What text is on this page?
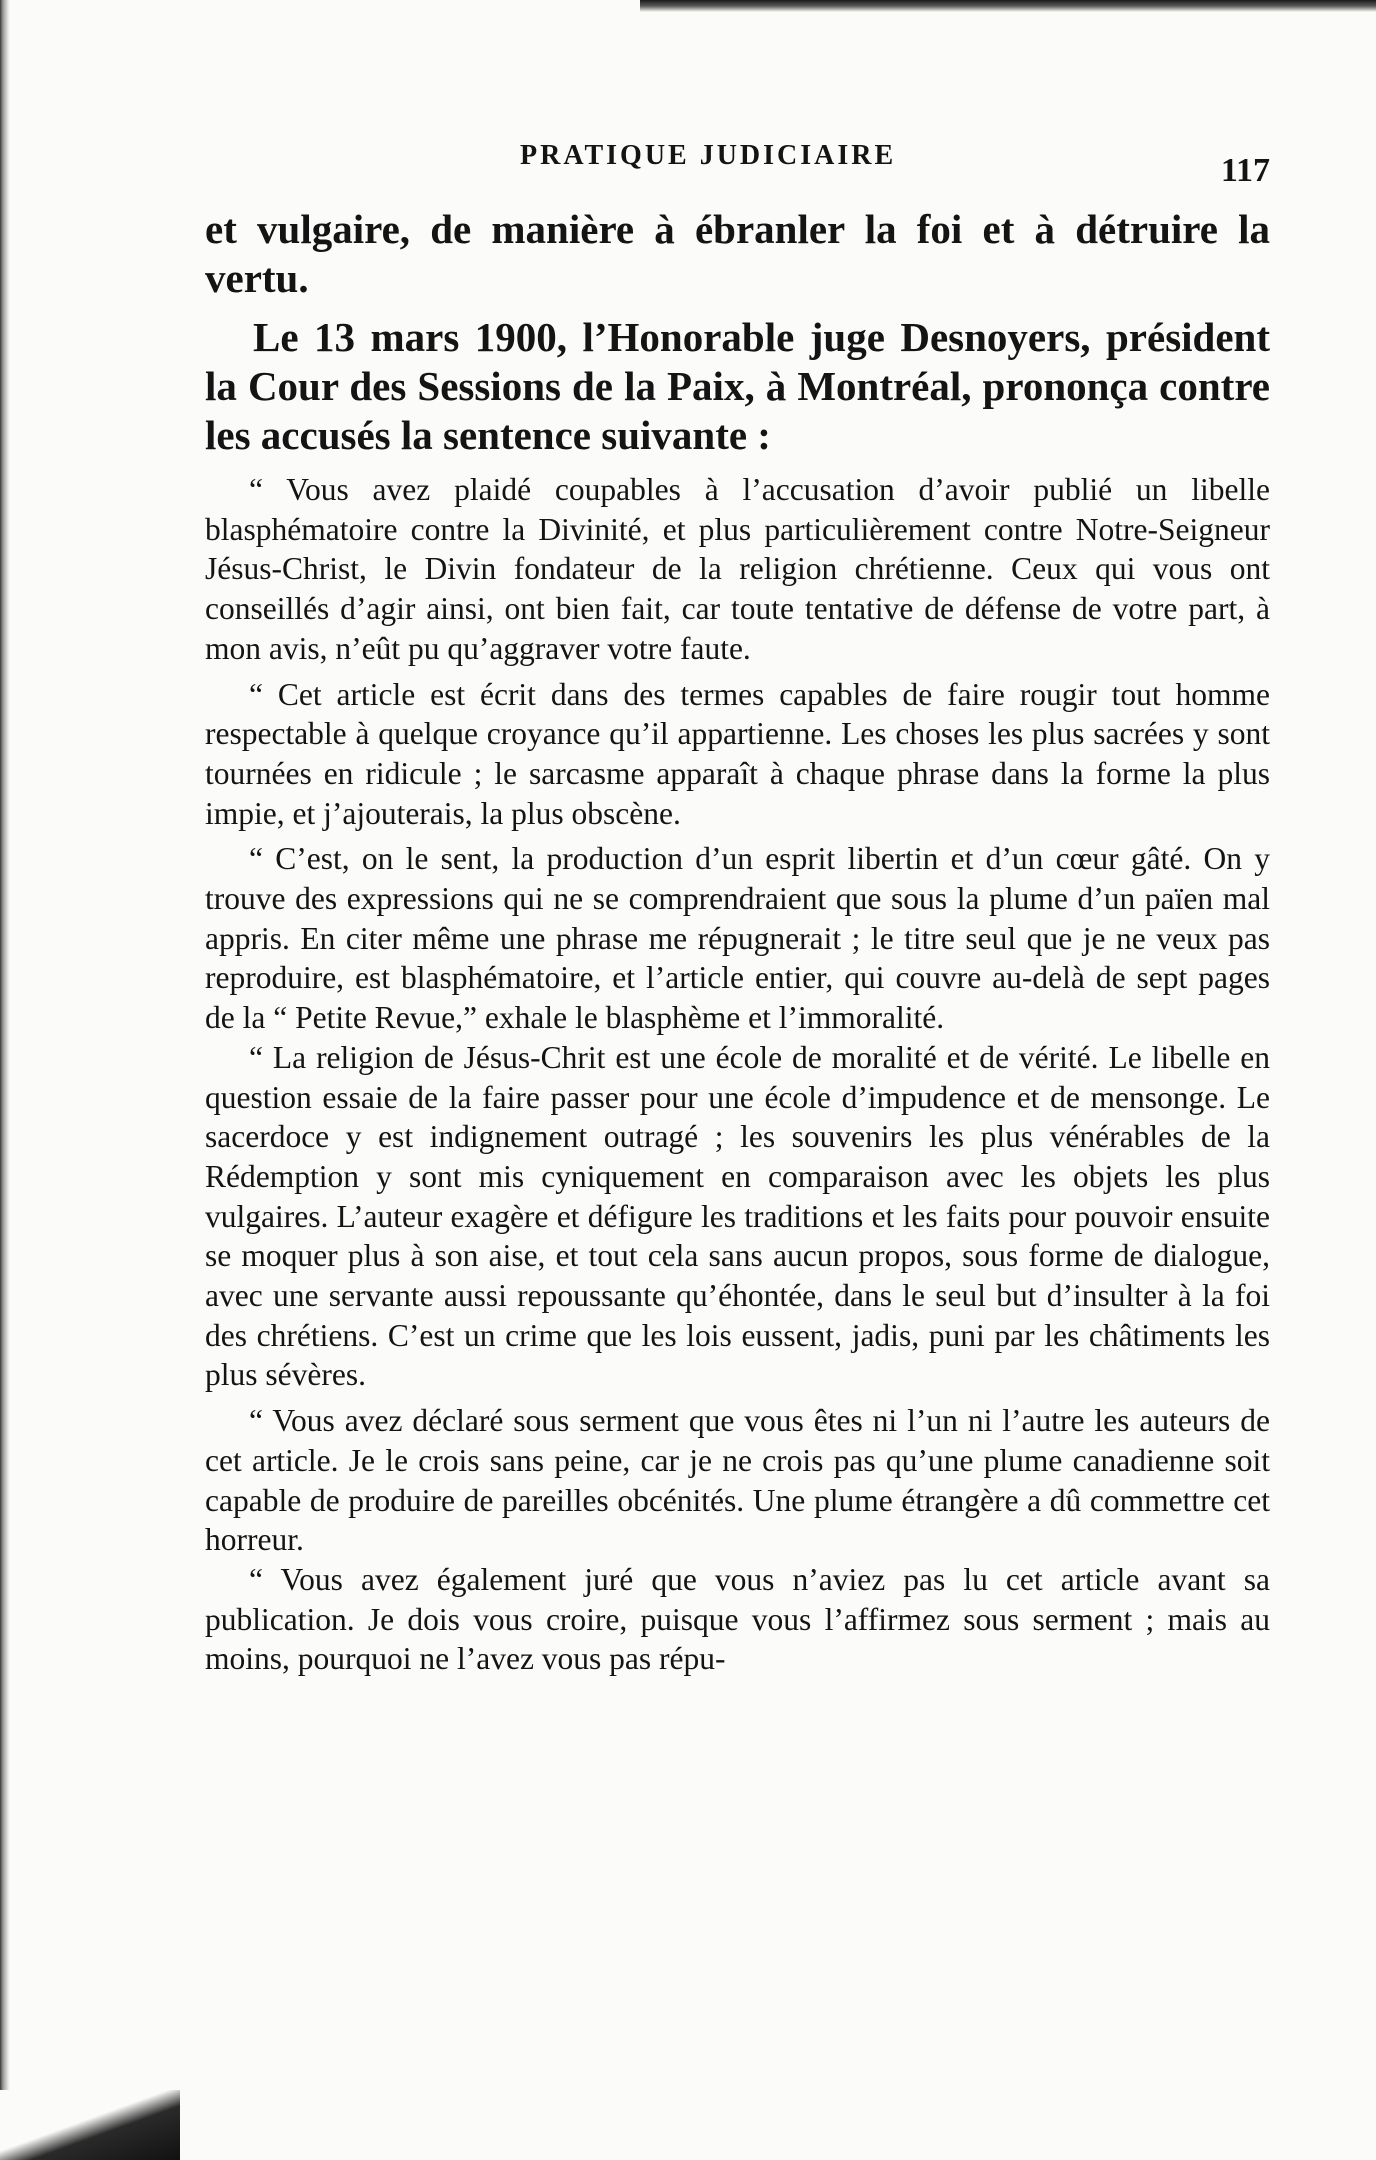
PRATIQUE JUDICIAIRE	117

et vulgaire, de manière à ébranler la foi et à détruire la vertu.

Le 13 mars 1900, l’Honorable juge Desnoyers, président la Cour des Sessions de la Paix, à Montréal, prononça contre les accusés la sentence suivante :

“ Vous avez plaidé coupables à l’accusation d’avoir publié un libelle blasphématoire contre la Divinité, et plus particulièrement contre Notre-Seigneur Jésus-Christ, le Divin fondateur de la religion chrétienne. Ceux qui vous ont conseillés d’agir ainsi, ont bien fait, car toute tentative de défense de votre part, à mon avis, n’eût pu qu’aggraver votre faute.

“ Cet article est écrit dans des termes capables de faire rougir tout homme respectable à quelque croyance qu’il appartienne. Les choses les plus sacrées y sont tournées en ridicule ; le sarcasme apparaît à chaque phrase dans la forme la plus impie, et j’ajouterais, la plus obscène.

“ C’est, on le sent, la production d’un esprit libertin et d’un cœur gâté. On y trouve des expressions qui ne se comprendraient que sous la plume d’un païen mal appris. En citer même une phrase me répugnerait ; le titre seul que je ne veux pas reproduire, est blasphématoire, et l’article entier, qui couvre au-delà de sept pages de la “ Petite Revue,” exhale le blasphème et l’immoralité.

“ La religion de Jésus-Chrit est une école de moralité et de vérité. Le libelle en question essaie de la faire passer pour une école d’impudence et de mensonge. Le sacerdoce y est indignement outragé ; les souvenirs les plus vénérables de la Rédemption y sont mis cyniquement en comparaison avec les objets les plus vulgaires. L’auteur exagère et défigure les traditions et les faits pour pouvoir ensuite se moquer plus à son aise, et tout cela sans aucun propos, sous forme de dialogue, avec une servante aussi repoussante qu’éhontée, dans le seul but d’insulter à la foi des chrétiens. C’est un crime que les lois eussent, jadis, puni par les châtiments les plus sévères.

“ Vous avez déclaré sous serment que vous êtes ni l’un ni l’autre les auteurs de cet article. Je le crois sans peine, car je ne crois pas qu’une plume canadienne soit capable de produire de pareilles obcénités. Une plume étrangère a dû commettre cet horreur.

“ Vous avez également juré que vous n’aviez pas lu cet article avant sa publication. Je dois vous croire, puisque vous l’affirmez sous serment ; mais au moins, pourquoi ne l’avez vous pas répu-
